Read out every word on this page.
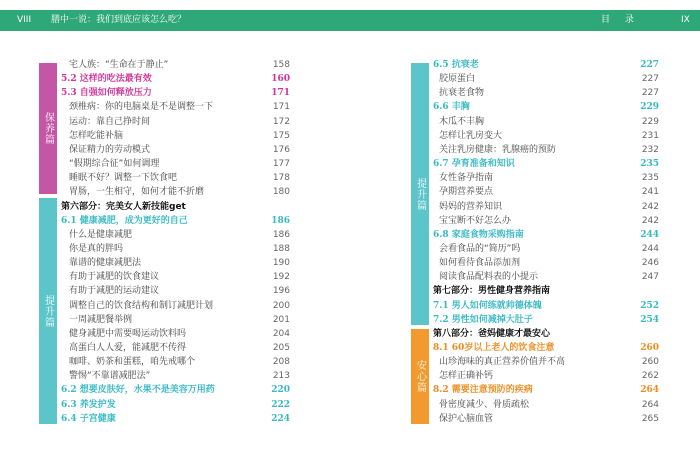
VIII 膳中一说：我们到底应该怎么吃？	目 录	IX
保养篇
提升篇
提升篇
安心篇
宅人族：“生命在于静止”	158
5.2 这样的吃法最有效	160
5.3 自强如何释放压力	171
颈椎病：你的电脑桌是不是调整一下	171
运动：靠自己挣时间	172
怎样吃能补脑	175
保证精力的劳动模式	176
“假期综合征”如何调理	177
睡眠不好？调整一下饮食吧	178
胃肠，一生相守，如何才能不折磨	180
第六部分：完美女人新技能get
6.1 健康减肥，成为更好的自己	186
什么是健康减肥	186
你是真的胖吗	188
靠谱的健康减肥法	190
有助于减肥的饮食建议	192
有助于减肥的运动建议	196
调整自己的饮食结构和制订减肥计划	200
一周减肥餐举例	201
健身减肥中需要喝运动饮料吗	204
高蛋白人人爱，能减肥不传得	205
咖啡、奶茶和蛋糕，咱先戒哪个	208
警惕“不靠谱减肥法”	213
6.2 想要皮肤好，水果不是美容万用药	220
6.3 养发护发	222
6.4 子宫健康	224
6.5 抗衰老	227
胶原蛋白	227
抗衰老食物	227
6.6 丰胸	229
木瓜不丰胸	229
怎样让乳房变大	231
关注乳房健康：乳腺癌的预防	232
6.7 孕育准备和知识	235
女性备孕指南	235
孕期营养要点	241
妈妈的营养知识	242
宝宝断不好怎么办	242
6.8 家庭食物采购指南	244
会看食品的“简历”吗	244
如何看待食品添加剂	246
阅读食品配料表的小提示	247
第七部分：男性健身营养指南
7.1 男人如何练就帅德体魄	252
7.2 男性如何减掉大肚子	254
第八部分：爸妈健康才最安心
8.1 60岁以上老人的饮食注意	260
山珍海味的真正营养价值并不高	260
怎样正确补钙	262
8.2 需要注意预防的疾病	264
骨密度减少、骨质疏松	264
保护心脑血管	265
